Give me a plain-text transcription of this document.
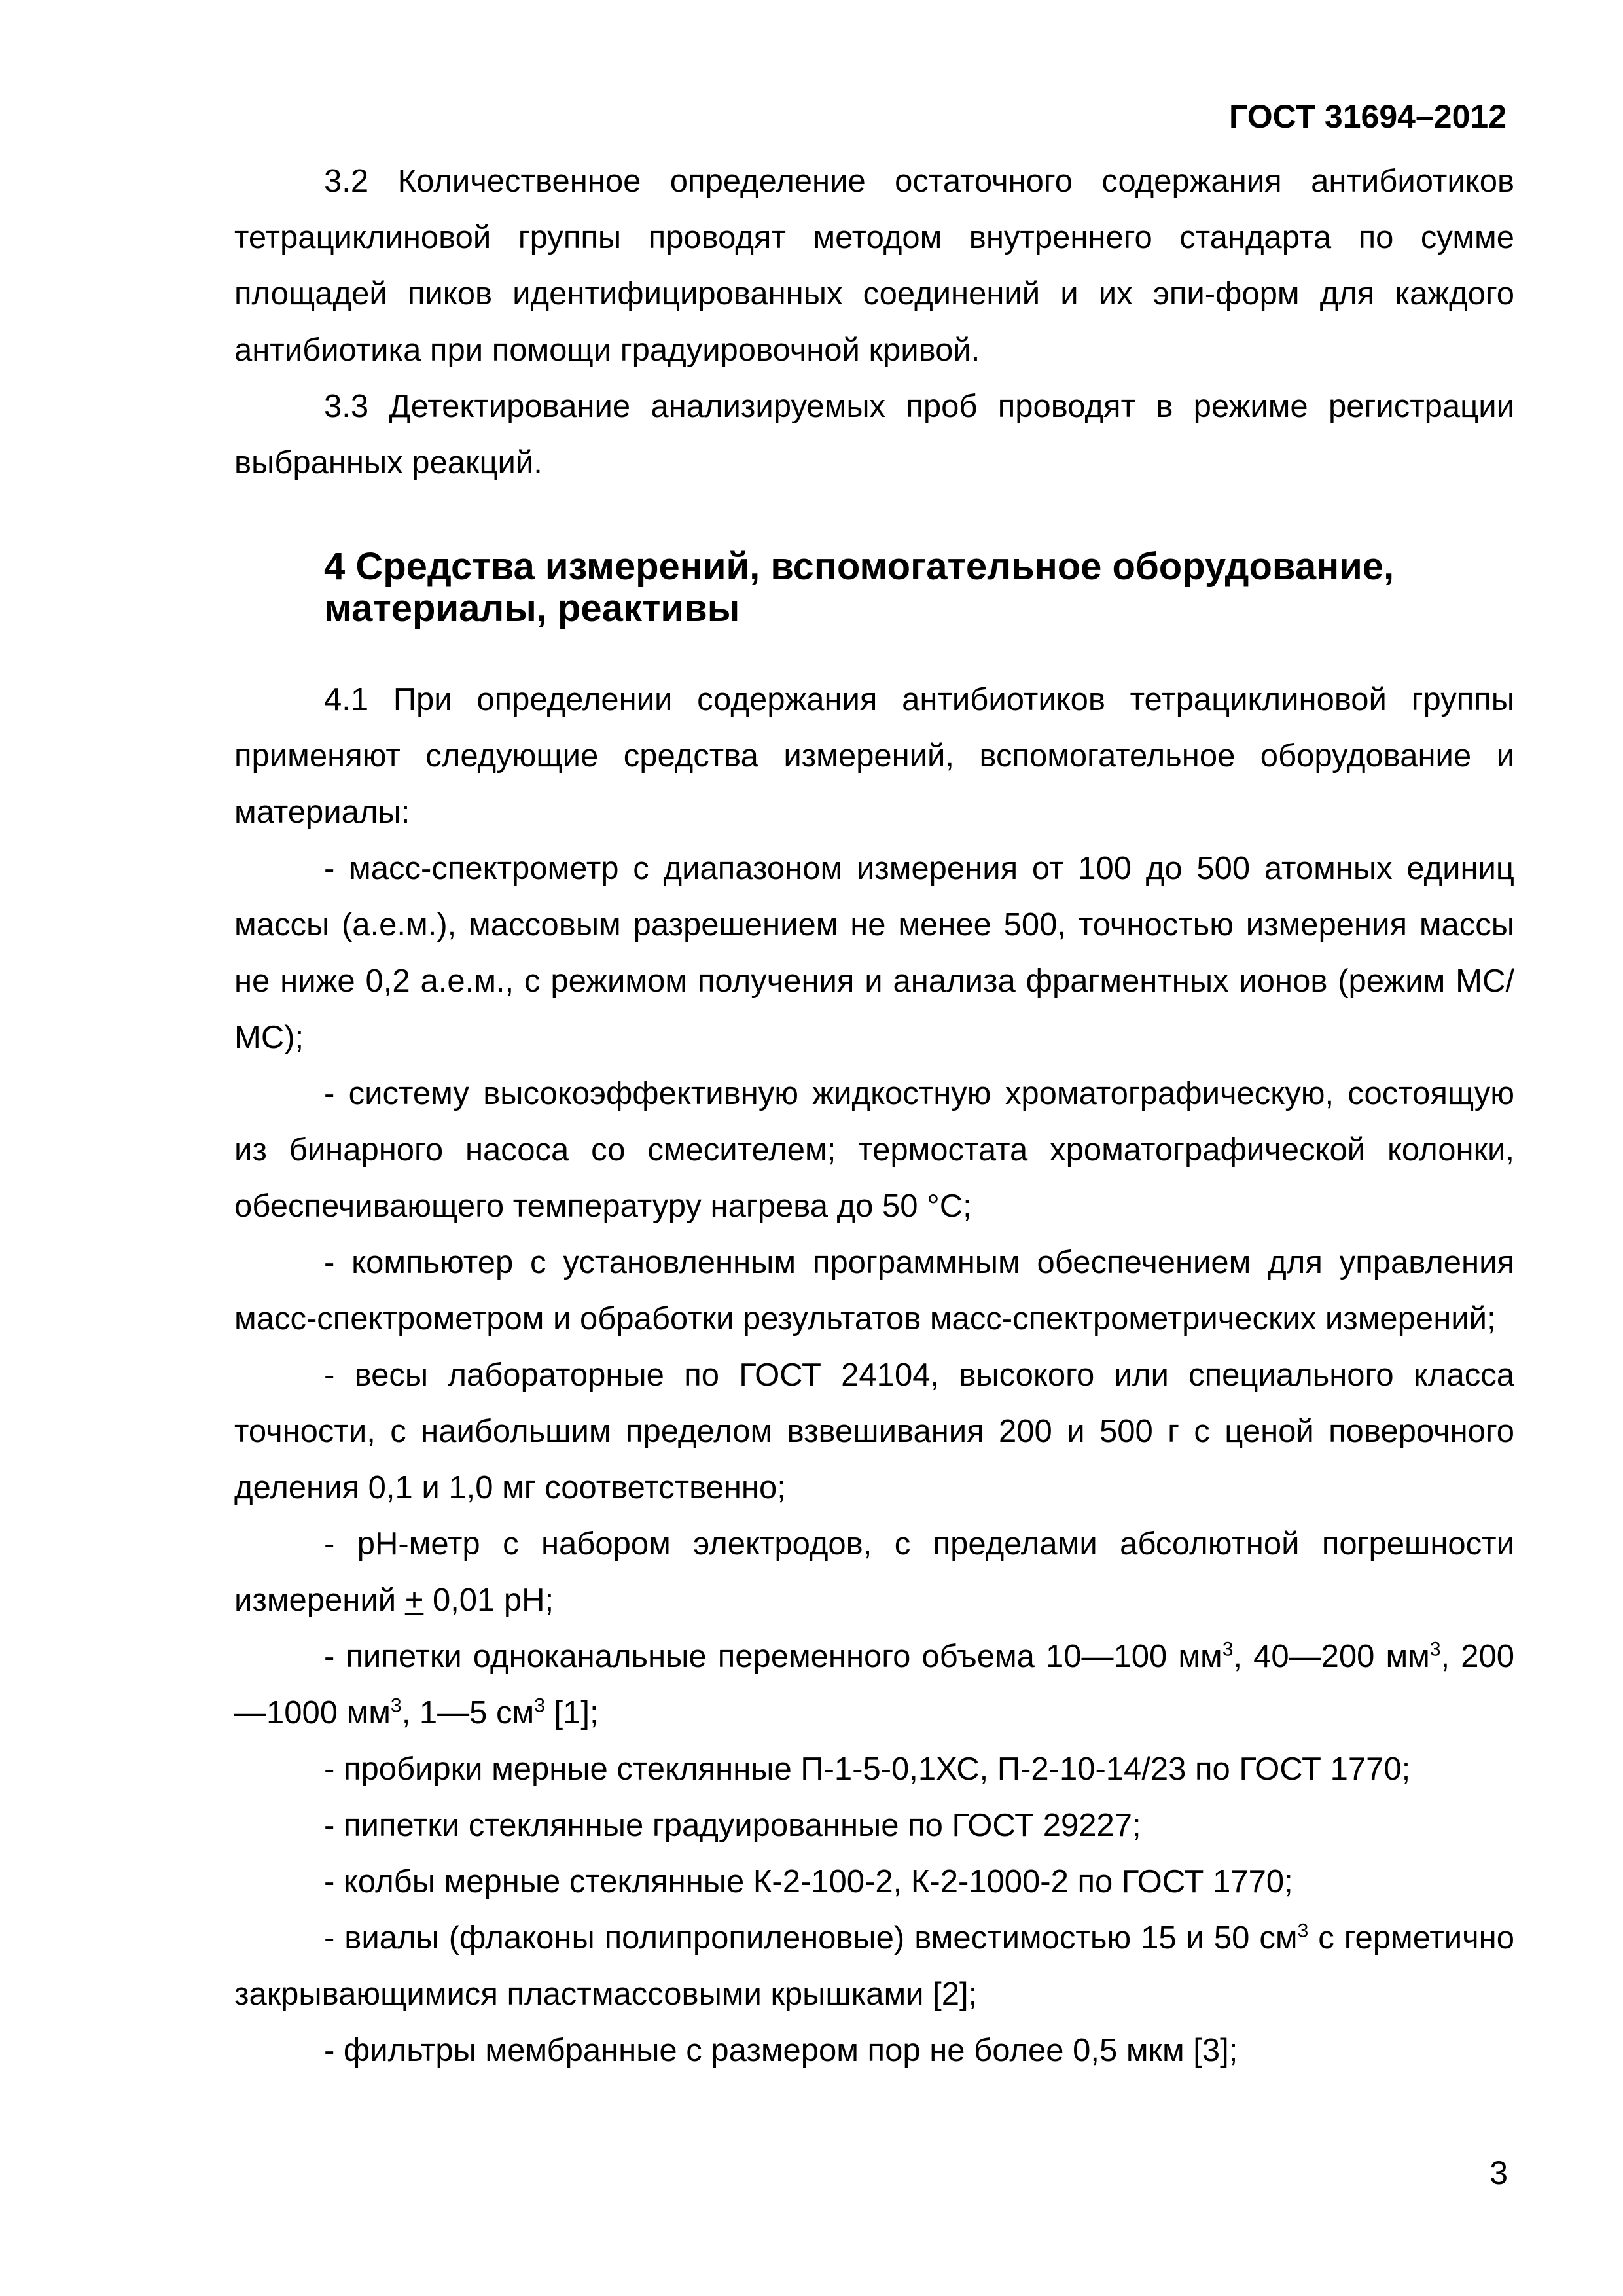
ГОСТ 31694–2012

3.2 Количественное определение остаточного содержания антибиотиков тетрациклиновой группы проводят методом внутреннего стандарта по сумме площадей пиков идентифицированных соединений и их эпи-форм для каждого антибиотика при помощи градуировочной кривой.

3.3 Детектирование анализируемых проб проводят в режиме регистрации выбранных реакций.

4 Средства измерений, вспомогательное оборудование, материалы, реактивы

4.1 При определении содержания антибиотиков тетрациклиновой группы применяют следующие средства измерений, вспомогательное оборудование и материалы:

- масс-спектрометр с диапазоном измерения от 100 до 500 атомных единиц массы (а.е.м.), массовым разрешением не менее 500, точностью измерения массы не ниже 0,2 а.е.м., с режимом получения и анализа фрагментных ионов (режим МС/МС);

- систему высокоэффективную жидкостную хроматографическую, состоящую из бинарного насоса со смесителем; термостата хроматографической колонки, обеспечивающего температуру нагрева до 50 °С;

- компьютер с установленным программным обеспечением для управления масс-спектрометром и обработки результатов масс-спектрометрических измерений;

- весы лабораторные по ГОСТ 24104, высокого или специального класса точности, с наибольшим пределом взвешивания 200 и 500 г с ценой поверочного деления 0,1 и 1,0 мг соответственно;

- pH-метр с набором электродов, с пределами абсолютной погрешности измерений + 0,01 pH;

- пипетки одноканальные переменного объема 10—100 $мм^3$, 40—200 $мм^3$, 200—1000 $мм^3$, 1—5 $см^3$ [1];

- пробирки мерные стеклянные П-1-5-0,1ХС, П-2-10-14/23 по ГОСТ 1770;

- пипетки стеклянные градуированные по ГОСТ 29227;

- колбы мерные стеклянные К-2-100-2, К-2-1000-2 по ГОСТ 1770;

- виалы (флаконы полипропиленовые) вместимостью 15 и 50 $см^3$ с герметично закрывающимися пластмассовыми крышками [2];

- фильтры мембранные с размером пор не более 0,5 мкм [3];

3
